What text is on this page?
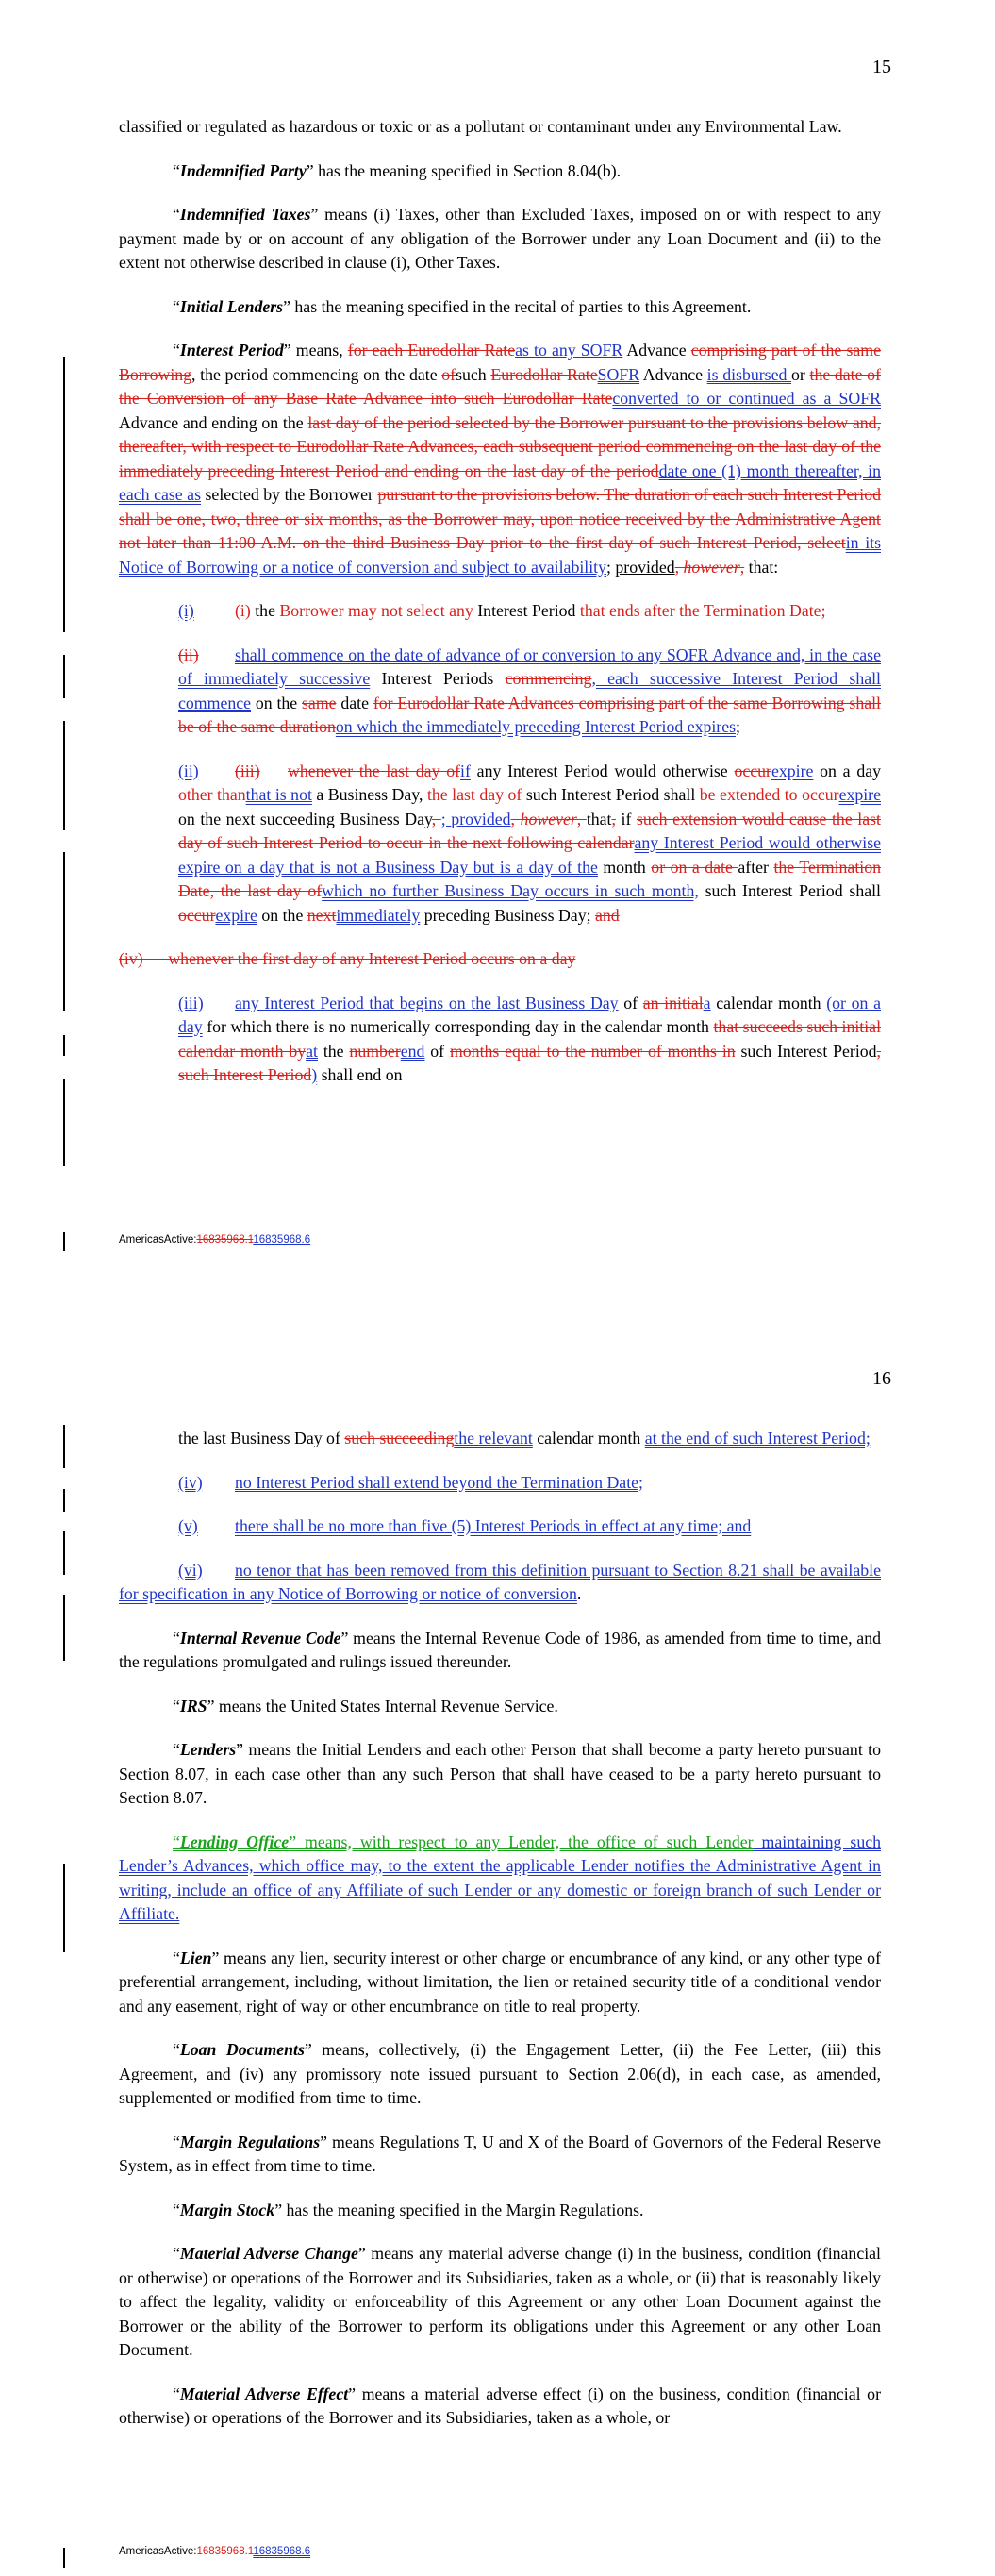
15

classified or regulated as hazardous or toxic or as a pollutant or contaminant under any Environmental Law.

“Indemnified Party” has the meaning specified in Section 8.04(b).

“Indemnified Taxes” means (i) Taxes, other than Excluded Taxes, imposed on or with respect to any payment made by or on account of any obligation of the Borrower under any Loan Document and (ii) to the extent not otherwise described in clause (i), Other Taxes.

“Initial Lenders” has the meaning specified in the recital of parties to this Agreement.

“Interest Period” means, for each Eurodollar Rateas to any SOFR Advance comprising part of the same Borrowing, the period commencing on the date ofsuch Eurodollar RateSOFR Advance is disbursed or the date of the Conversion of any Base Rate Advance into such Eurodollar Rateconverted to or continued as a SOFR Advance and ending on the last day of the period selected by the Borrower pursuant to the provisions below and, thereafter, with respect to Eurodollar Rate Advances, each subsequent period commencing on the last day of the immediately preceding Interest Period and ending on the last day of the perioddate one (1) month thereafter, in each case as selected by the Borrower pursuant to the provisions below. The duration of each such Interest Period shall be one, two, three or six months, as the Borrower may, upon notice received by the Administrative Agent not later than 11:00 A.M. on the third Business Day prior to the first day of such Interest Period, selectin its Notice of Borrowing or a notice of conversion and subject to availability; provided, however, that:

(i) (i) the Borrower may not select any Interest Period that ends after the Termination Date;

(ii) shall commence on the date of advance of or conversion to any SOFR Advance and, in the case of immediately successive Interest Periods commencing, each successive Interest Period shall commence on the same date for Eurodollar Rate Advances comprising part of the same Borrowing shall be of the same durationon which the immediately preceding Interest Period expires;

(ii) (iii) whenever the last day ofif any Interest Period would otherwise occurexpire on a day other thanthat is not a Business Day, the last day of such Interest Period shall be extended to occurexpire on the next succeeding Business Day, ; provided, however, that, if such extension would cause the last day of such Interest Period to occur in the next following calendarany Interest Period would otherwise expire on a day that is not a Business Day but is a day of the month or on a date after the Termination Date, the last day ofwhich no further Business Day occurs in such month, such Interest Period shall occurexpire on the nextimmediately preceding Business Day; and

(iv)      whenever the first day of any Interest Period occurs on a day

(iii) any Interest Period that begins on the last Business Day of an initiala calendar month (or on a day for which there is no numerically corresponding day in the calendar month that succeeds such initial calendar month byat the numberend of months equal to the number of months in such Interest Period, such Interest Period) shall end on

AmericasActive:16835968.116835968.6
16

the last Business Day of such succeedingthe relevant calendar month at the end of such Interest Period;

(iv) no Interest Period shall extend beyond the Termination Date;

(v) there shall be no more than five (5) Interest Periods in effect at any time; and

(vi) no tenor that has been removed from this definition pursuant to Section 8.21 shall be available for specification in any Notice of Borrowing or notice of conversion.

“Internal Revenue Code” means the Internal Revenue Code of 1986, as amended from time to time, and the regulations promulgated and rulings issued thereunder.

“IRS” means the United States Internal Revenue Service.

“Lenders” means the Initial Lenders and each other Person that shall become a party hereto pursuant to Section 8.07, in each case other than any such Person that shall have ceased to be a party hereto pursuant to Section 8.07.

“Lending Office” means, with respect to any Lender, the office of such Lender maintaining such Lender’s Advances, which office may, to the extent the applicable Lender notifies the Administrative Agent in writing, include an office of any Affiliate of such Lender or any domestic or foreign branch of such Lender or Affiliate.

“Lien” means any lien, security interest or other charge or encumbrance of any kind, or any other type of preferential arrangement, including, without limitation, the lien or retained security title of a conditional vendor and any easement, right of way or other encumbrance on title to real property.

“Loan Documents” means, collectively, (i) the Engagement Letter, (ii) the Fee Letter, (iii) this Agreement, and (iv) any promissory note issued pursuant to Section 2.06(d), in each case, as amended, supplemented or modified from time to time.

“Margin Regulations” means Regulations T, U and X of the Board of Governors of the Federal Reserve System, as in effect from time to time.

“Margin Stock” has the meaning specified in the Margin Regulations.

“Material Adverse Change” means any material adverse change (i) in the business, condition (financial or otherwise) or operations of the Borrower and its Subsidiaries, taken as a whole, or (ii) that is reasonably likely to affect the legality, validity or enforceability of this Agreement or any other Loan Document against the Borrower or the ability of the Borrower to perform its obligations under this Agreement or any other Loan Document.

“Material Adverse Effect” means a material adverse effect (i) on the business, condition (financial or otherwise) or operations of the Borrower and its Subsidiaries, taken as a whole, or

AmericasActive:16835968.116835968.6
